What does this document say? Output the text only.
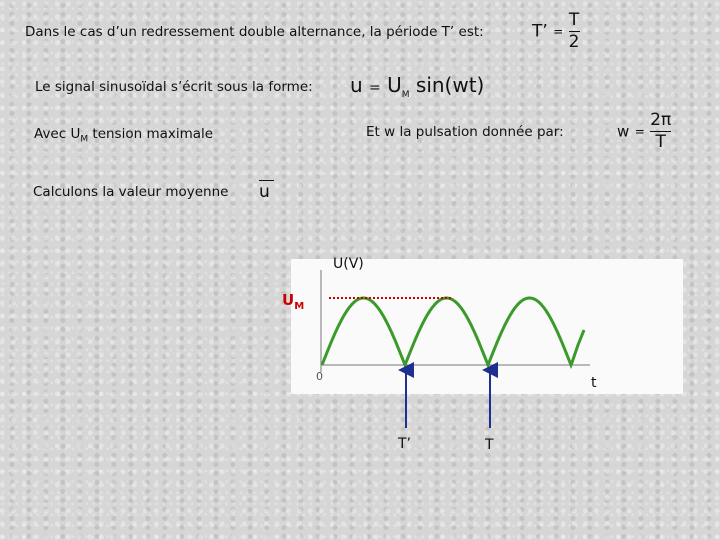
Dans le cas d’un redressement double alternance, la période T’ est:	T’ = $\frac{T}{2}$
Le signal sinusoïdal s’écrit sous la forme: $u = U_M$ sin(wt)
Avec $U_M$ tension maximale	Et w la pulsation donnée par:	$w = \frac{2\pi}{T}$
Calculons la valeur moyenne u
U(V)
$U_M$
0	t
T’	T
